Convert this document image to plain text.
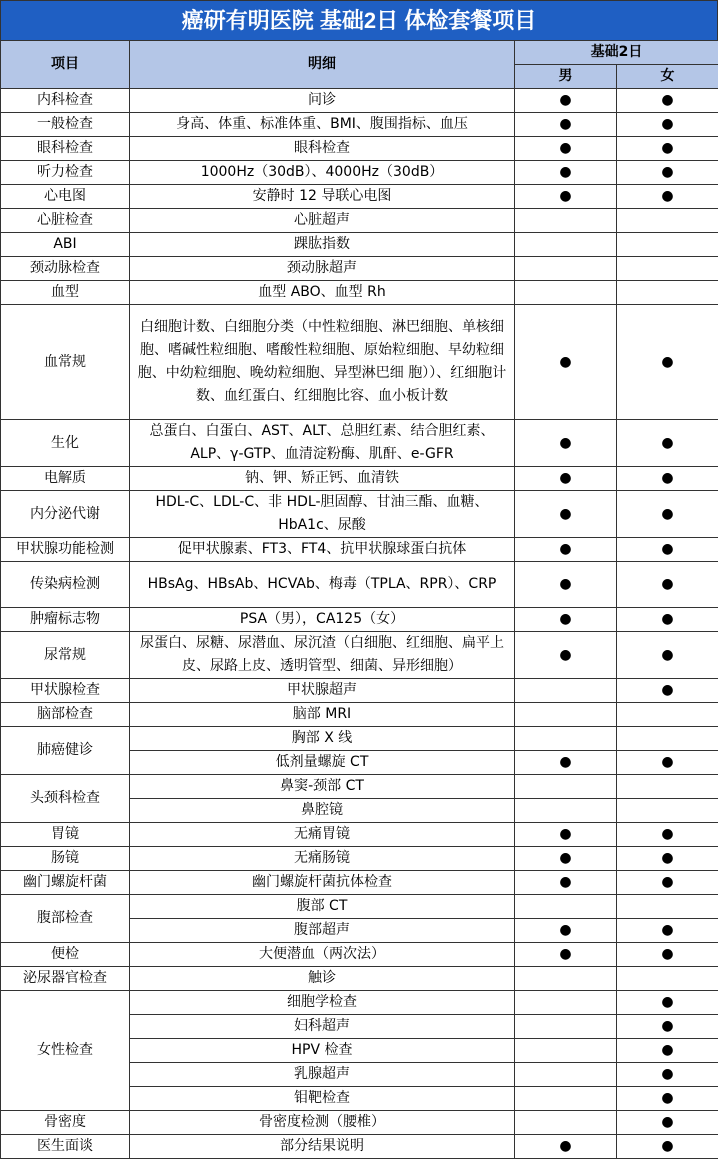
癌研有明医院 基础2日 体检套餐项目
项目	明细	基础2日	
		男	女
内科检查	问诊	●	●
一般检查	身高、体重、标准体重、BMI、腹围指标、血压	●	●
眼科检查	眼科检查	●	●
听力检查	1000Hz（30dB）、4000Hz（30dB）	●	●
心电图	安静时 12 导联心电图	●	●
心脏检查	心脏超声		
ABI	踝肱指数		
颈动脉检查	颈动脉超声		
血型	血型 ABO、血型 Rh		
血常规	白细胞计数、白细胞分类（中性粒细胞、淋巴细胞、单核细胞、嗜碱性粒细胞、嗜酸性粒细胞、原始粒细胞、早幼粒细胞、中幼粒细胞、晚幼粒细胞、异型淋巴细 胞））、红细胞计数、血红蛋白、红细胞比容、血小板计数	●	●
生化	总蛋白、白蛋白、AST、ALT、总胆红素、结合胆红素、ALP、γ-GTP、血清淀粉酶、肌酐、e-GFR	●	●
电解质	钠、钾、矫正钙、血清铁	●	●
内分泌代谢	HDL-C、LDL-C、非 HDL-胆固醇、甘油三酯、血糖、HbA1c、尿酸	●	●
甲状腺功能检测	促甲状腺素、FT3、FT4、抗甲状腺球蛋白抗体	●	●
传染病检测	HBsAg、HBsAb、HCVAb、梅毒（TPLA、RPR）、CRP	●	●
肿瘤标志物	PSA（男），CA125（女）	●	●
尿常规	尿蛋白、尿糖、尿潜血、尿沉渣（白细胞、红细胞、扁平上皮、尿路上皮、透明管型、细菌、异形细胞）	●	●
甲状腺检查	甲状腺超声		●
脑部检查	脑部 MRI		
肺癌健诊	胸部 X 线		
	低剂量螺旋 CT	●	●
头颈科检查	鼻窦-颈部 CT		
	鼻腔镜		
胃镜	无痛胃镜	●	●
肠镜	无痛肠镜	●	●
幽门螺旋杆菌	幽门螺旋杆菌抗体检查	●	●
腹部检查	腹部 CT		
	腹部超声	●	●
便检	大便潜血（两次法）	●	●
泌尿器官检查	触诊		
女性检查	细胞学检查		●
	妇科超声		●
	HPV 检查		●
	乳腺超声		●
	钼靶检查		●
骨密度	骨密度检测（腰椎）		●
医生面谈	部分结果说明	●	●
